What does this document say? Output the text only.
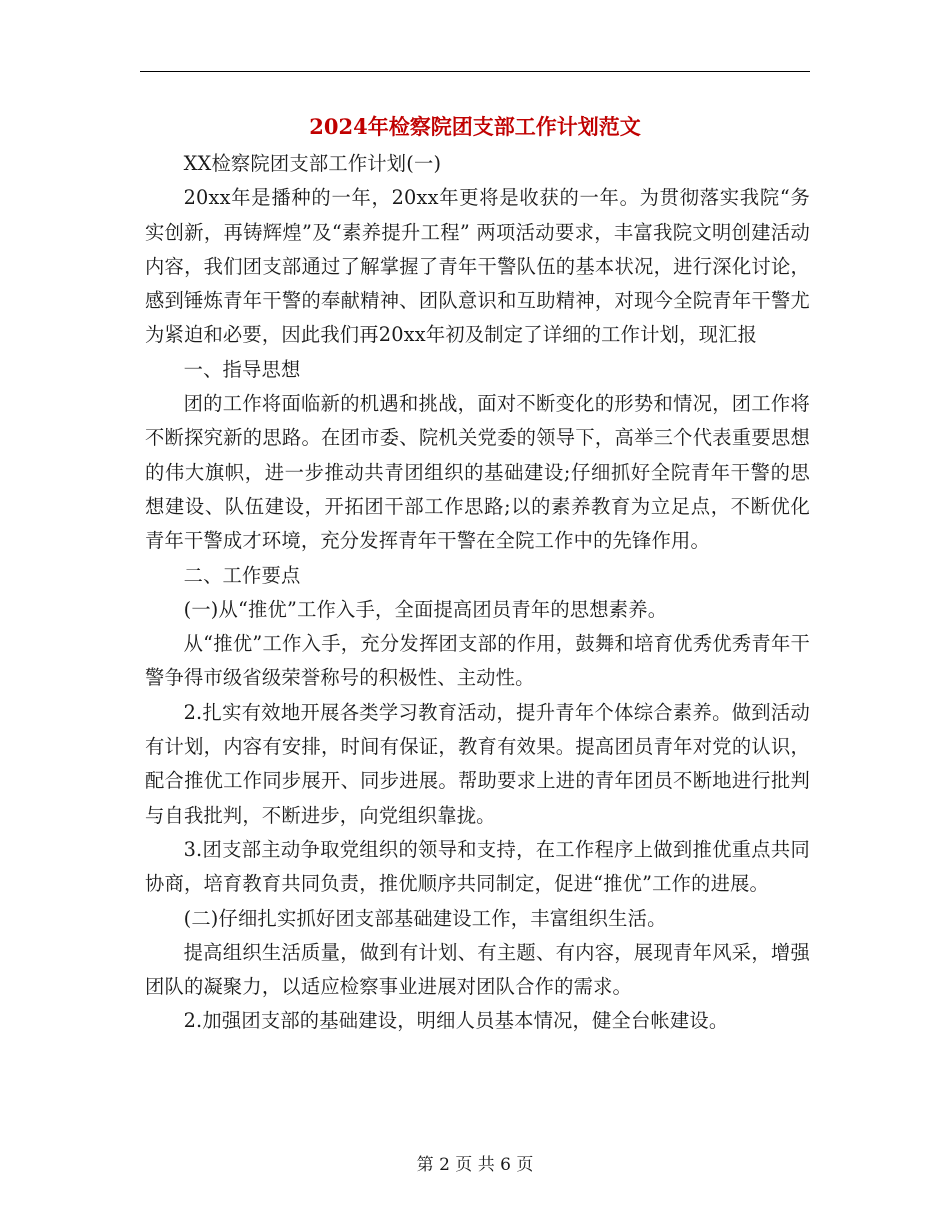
2024年检察院团支部工作计划范文

XX检察院团支部工作计划(一)

20xx年是播种的一年，20xx年更将是收获的一年。为贯彻落实我院“务实创新，再铸辉煌”及“素养提升工程” 两项活动要求，丰富我院文明创建活动内容，我们团支部通过了解掌握了青年干警队伍的基本状况，进行深化讨论，感到锤炼青年干警的奉献精神、团队意识和互助精神，对现今全院青年干警尤为紧迫和必要，因此我们再20xx年初及制定了详细的工作计划，现汇报

一、指导思想

团的工作将面临新的机遇和挑战，面对不断变化的形势和情况，团工作将不断探究新的思路。在团市委、院机关党委的领导下，高举三个代表重要思想的伟大旗帜，进一步推动共青团组织的基础建设;仔细抓好全院青年干警的思想建设、队伍建设，开拓团干部工作思路;以的素养教育为立足点，不断优化青年干警成才环境，充分发挥青年干警在全院工作中的先锋作用。

二、工作要点

(一)从“推优”工作入手，全面提高团员青年的思想素养。

从“推优”工作入手，充分发挥团支部的作用，鼓舞和培育优秀优秀青年干警争得市级省级荣誉称号的积极性、主动性。

2.扎实有效地开展各类学习教育活动，提升青年个体综合素养。做到活动有计划，内容有安排，时间有保证，教育有效果。提高团员青年对党的认识，配合推优工作同步展开、同步进展。帮助要求上进的青年团员不断地进行批判与自我批判，不断进步，向党组织靠拢。

3.团支部主动争取党组织的领导和支持，在工作程序上做到推优重点共同协商，培育教育共同负责，推优顺序共同制定，促进“推优”工作的进展。

(二)仔细扎实抓好团支部基础建设工作，丰富组织生活。

提高组织生活质量，做到有计划、有主题、有内容，展现青年风采，增强团队的凝聚力，以适应检察事业进展对团队合作的需求。

2.加强团支部的基础建设，明细人员基本情况，健全台帐建设。

第 2 页 共 6 页
